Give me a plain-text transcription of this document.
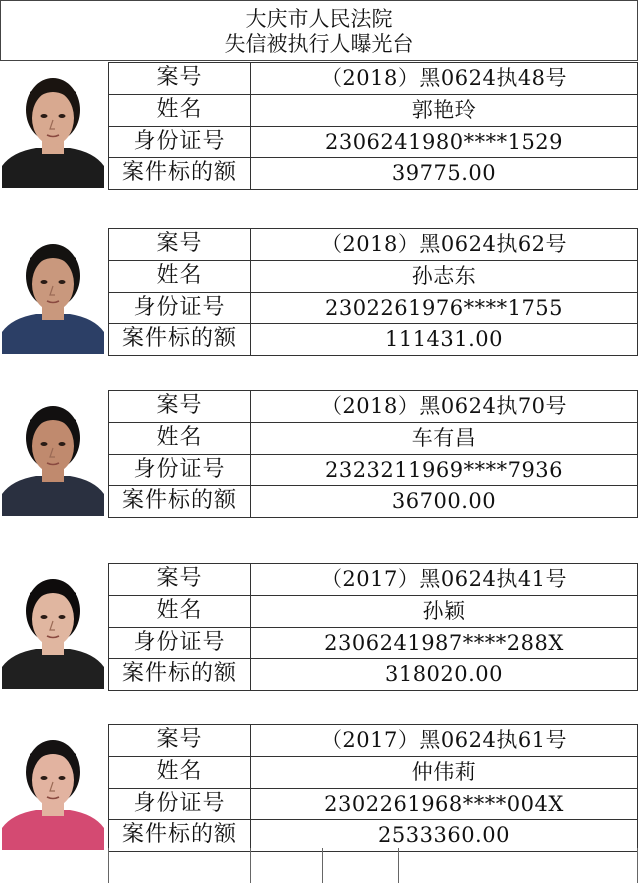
大庆市人民法院
失信被执行人曝光台
案号	（2018）黑0624执48号
姓名	郭艳玲
身份证号	2306241980****1529
案件标的额	39775.00
案号	（2018）黑0624执62号
姓名	孙志东
身份证号	2302261976****1755
案件标的额	111431.00
案号	（2018）黑0624执70号
姓名	车有昌
身份证号	2323211969****7936
案件标的额	36700.00
案号	（2017）黑0624执41号
姓名	孙颖
身份证号	2306241987****288X
案件标的额	318020.00
案号	（2017）黑0624执61号
姓名	仲伟莉
身份证号	2302261968****004X
案件标的额	2533360.00
